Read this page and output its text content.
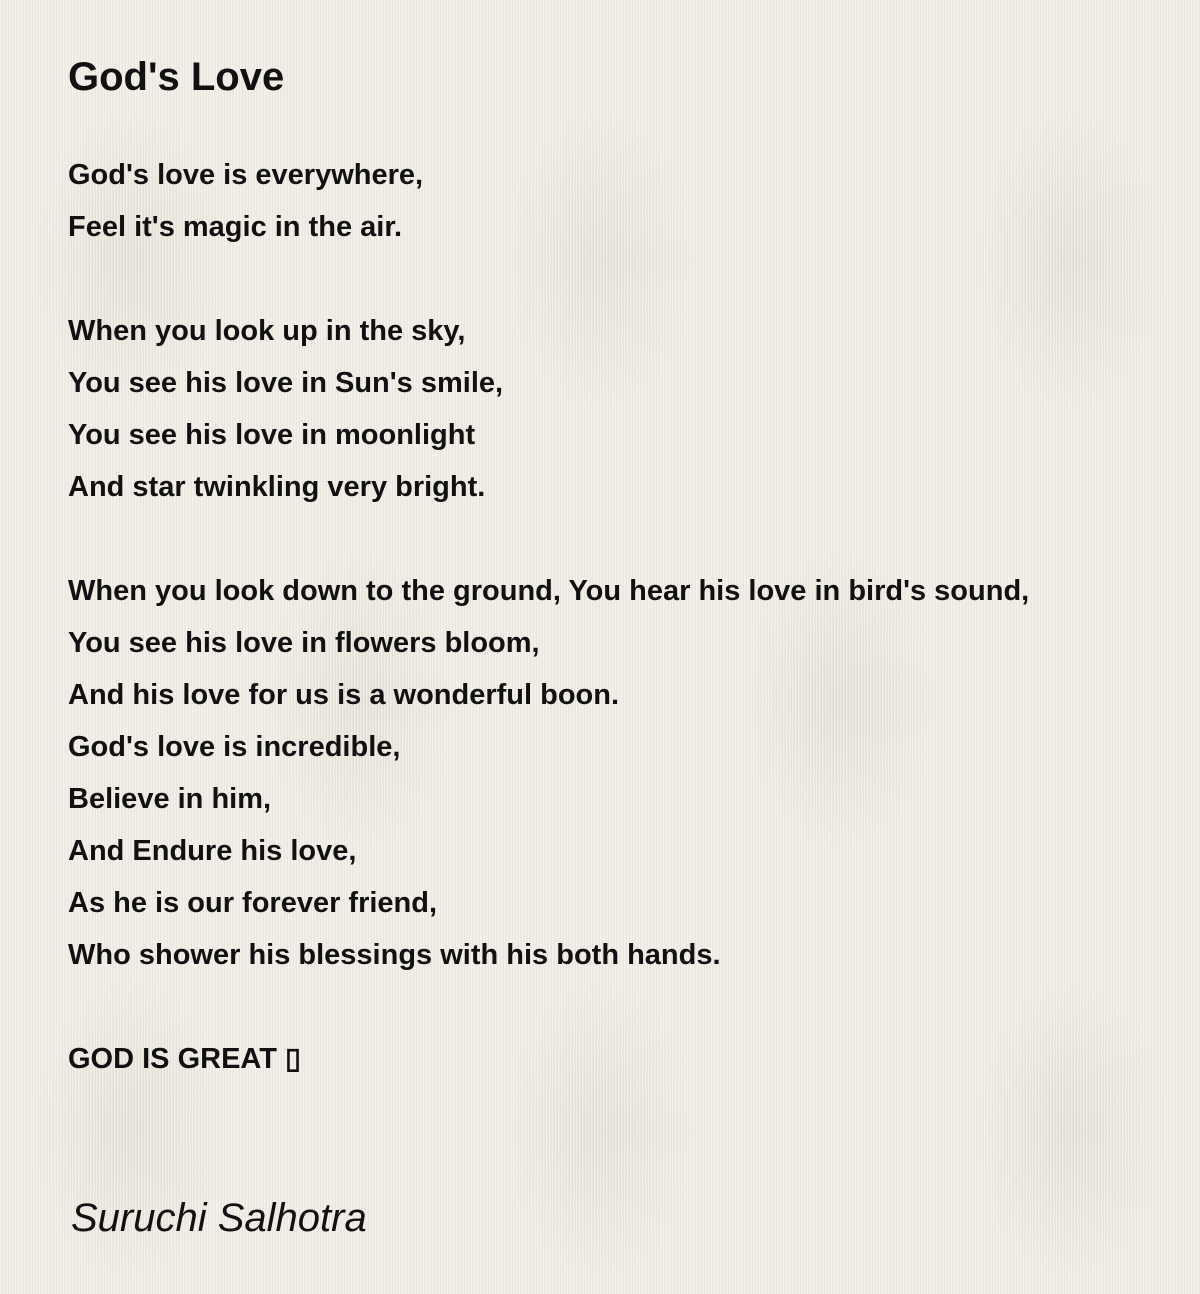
God's Love
God's love is everywhere,
Feel it's magic in the air.
When you look up in the sky,
You see his love in Sun's smile,
You see his love in moonlight
And star twinkling very bright.
When you look down to the ground, You hear his love in bird's sound,
You see his love in flowers bloom,
And his love for us is a wonderful boon.
God's love is incredible,
Believe in him,
And Endure his love,
As he is our forever friend,
Who shower his blessings with his both hands.
GOD IS GREAT ▯
Suruchi Salhotra
